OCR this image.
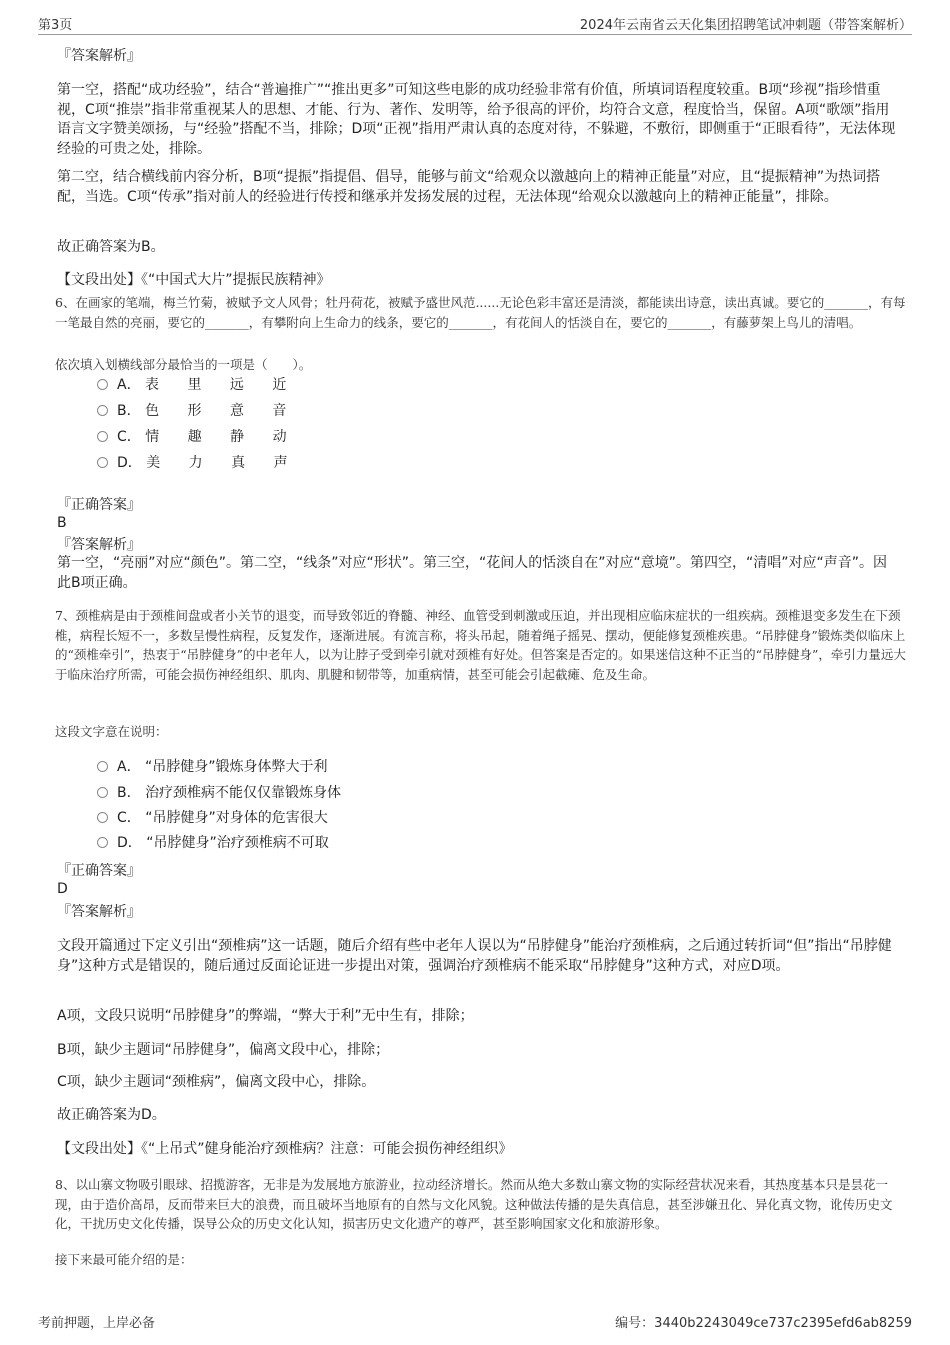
第3页	2024年云南省云天化集团招聘笔试冲刺题（带答案解析）
『答案解析』
第一空，搭配“成功经验”，结合“普遍推广”“推出更多”可知这些电影的成功经验非常有价值，所填词语程度较重。B项“珍视”指珍惜重视，C项“推崇”指非常重视某人的思想、才能、行为、著作、发明等，给予很高的评价，均符合文意，程度恰当，保留。A项“歌颂”指用语言文字赞美颂扬，与“经验”搭配不当，排除；D项“正视”指用严肃认真的态度对待，不躲避，不敷衍，即侧重于“正眼看待”，无法体现经验的可贵之处，排除。
第二空，结合横线前内容分析，B项“提振”指提倡、倡导，能够与前文“给观众以激越向上的精神正能量”对应，且“提振精神”为热词搭配，当选。C项“传承”指对前人的经验进行传授和继承并发扬发展的过程，无法体现“给观众以激越向上的精神正能量”，排除。
故正确答案为B。
【文段出处】《“中国式大片”提振民族精神》
6、在画家的笔端，梅兰竹菊，被赋予文人风骨；牡丹荷花，被赋予盛世风范......无论色彩丰富还是清淡，都能读出诗意，读出真诚。要它的_______，有每一笔最自然的亮丽，要它的_______，有攀附向上生命力的线条，要它的_______，有花间人的恬淡自在，要它的_______，有藤萝架上鸟儿的清唱。
依次填入划横线部分最恰当的一项是（　　）。
A． 表 里 远 近
B． 色 形 意 音
C． 情 趣 静 动
D． 美 力 真 声
『正确答案』
B
『答案解析』
第一空，“亮丽”对应“颜色”。第二空，“线条”对应“形状”。第三空，“花间人的恬淡自在”对应“意境”。第四空，“清唱”对应“声音”。因此B项正确。
7、颈椎病是由于颈椎间盘或者小关节的退变，而导致邻近的脊髓、神经、血管受到刺激或压迫，并出现相应临床症状的一组疾病。颈椎退变多发生在下颈椎，病程长短不一，多数呈慢性病程，反复发作，逐渐进展。有流言称，将头吊起，随着绳子摇晃、摆动，便能修复颈椎疾患。“吊脖健身”锻炼类似临床上的“颈椎牵引”，热衷于“吊脖健身”的中老年人，以为让脖子受到牵引就对颈椎有好处。但答案是否定的。如果迷信这种不正当的“吊脖健身”，牵引力量远大于临床治疗所需，可能会损伤神经组织、肌肉、肌腱和韧带等，加重病情，甚至可能会引起截瘫、危及生命。
这段文字意在说明：
A． “吊脖健身”锻炼身体弊大于利
B． 治疗颈椎病不能仅仅靠锻炼身体
C． “吊脖健身”对身体的危害很大
D． “吊脖健身”治疗颈椎病不可取
『正确答案』
D
『答案解析』
文段开篇通过下定义引出“颈椎病”这一话题，随后介绍有些中老年人误以为“吊脖健身”能治疗颈椎病，之后通过转折词“但”指出“吊脖健身”这种方式是错误的，随后通过反面论证进一步提出对策，强调治疗颈椎病不能采取“吊脖健身”这种方式，对应D项。
A项，文段只说明“吊脖健身”的弊端，“弊大于利”无中生有，排除；
B项，缺少主题词“吊脖健身”，偏离文段中心，排除；
C项，缺少主题词“颈椎病”，偏离文段中心，排除。
故正确答案为D。
【文段出处】《“上吊式”健身能治疗颈椎病？注意：可能会损伤神经组织》
8、以山寨文物吸引眼球、招揽游客，无非是为发展地方旅游业，拉动经济增长。然而从绝大多数山寨文物的实际经营状况来看，其热度基本只是昙花一现，由于造价高昂，反而带来巨大的浪费，而且破坏当地原有的自然与文化风貌。这种做法传播的是失真信息，甚至涉嫌丑化、异化真文物，讹传历史文化，干扰历史文化传播，误导公众的历史文化认知，损害历史文化遗产的尊严，甚至影响国家文化和旅游形象。
接下来最可能介绍的是：
考前押题，上岸必备	编号：3440b2243049ce737c2395efd6ab8259
